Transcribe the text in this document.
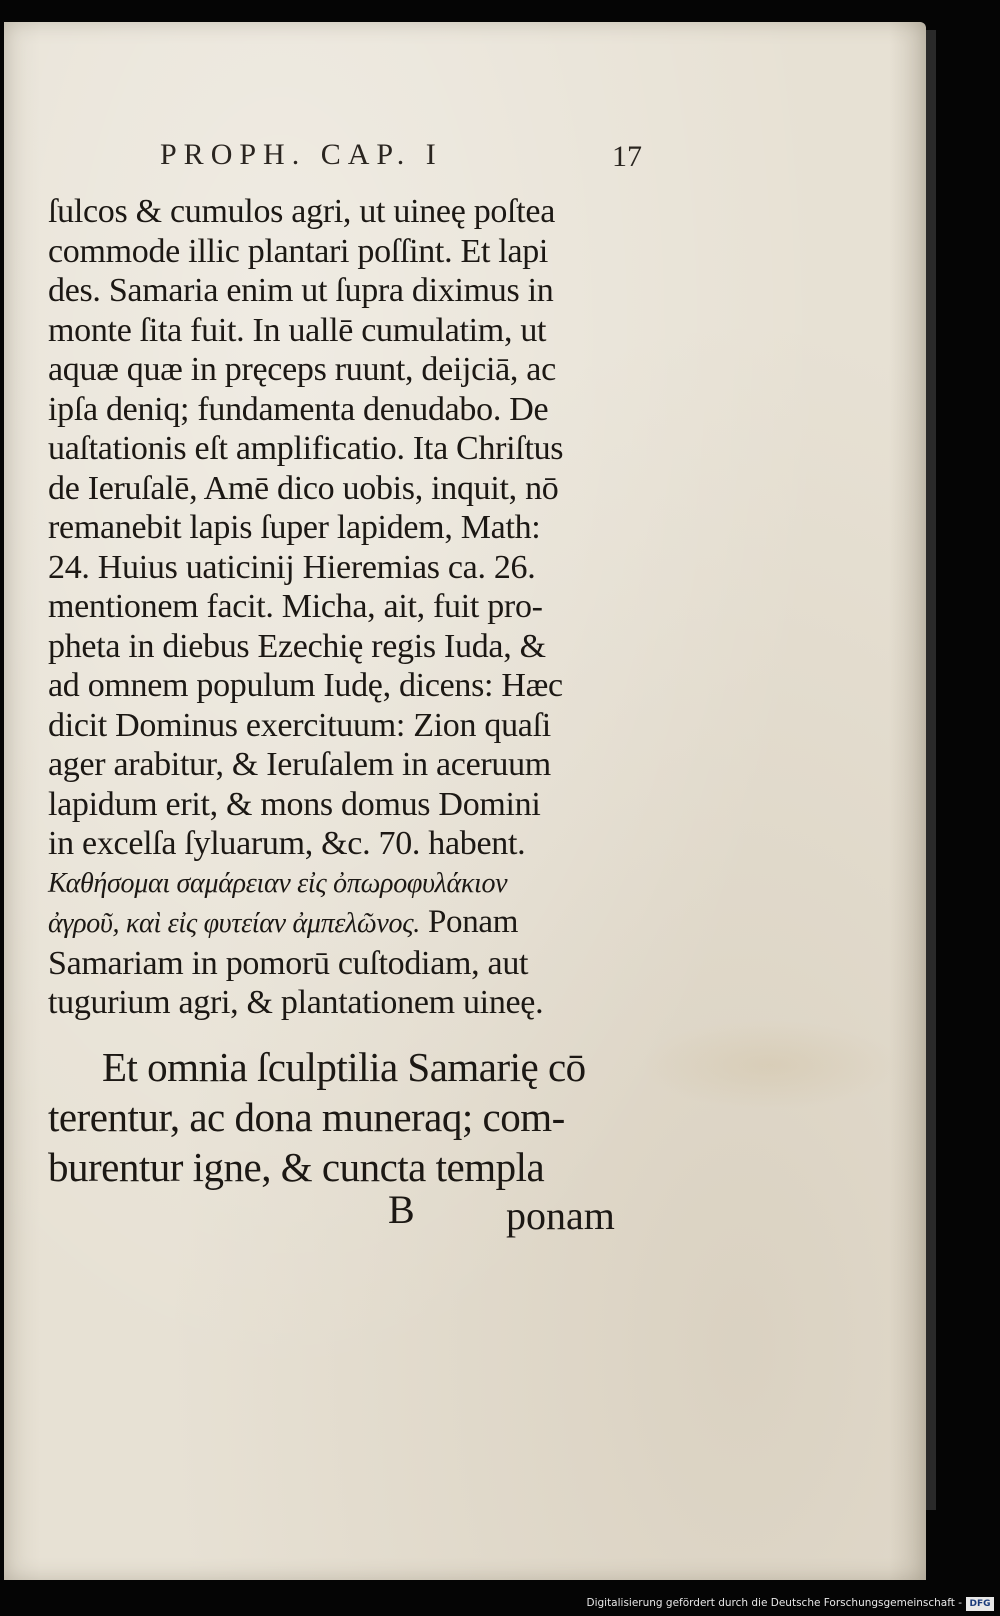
PROPH. CAP. I	17
ſulcos & cumulos agri, ut uineę poſtea
commode illic plantari poſſint. Et lapi
des. Samaria enim ut ſupra diximus in
monte ſita fuit. In uallē cumulatim, ut
aquæ quæ in pręceps ruunt, deijciā, ac
ipſa deniq; fundamenta denudabo. De
uaſtationis eſt amplificatio. Ita Chriſtus
de Ieruſalē, Amē dico uobis, inquit, nō
remanebit lapis ſuper lapidem, Math:
24. Huius uaticinij Hieremias ca. 26.
mentionem facit. Micha, ait, fuit pro-
pheta in diebus Ezechię regis Iuda, &
ad omnem populum Iudę, dicens: Hæc
dicit Dominus exercituum: Zion quaſi
ager arabitur, & Ieruſalem in aceruum
lapidum erit, & mons domus Domini
in excelſa ſyluarum, &c. 70. habent.
Καθήσομαι σαμάρειαν εἰς ὀπωροφυλάκιον
ἀγροῦ, καὶ εἰς φυτείαν ἀμπελῶνος. Ponam
Samariam in pomorū cuſtodiam, aut
tugurium agri, & plantationem uineę.
Et omnia ſculptilia Samarię cō
terentur, ac dona muneraq; com-
burentur igne, & cuncta templa
B ponam
Digitalisierung gefördert durch die Deutsche Forschungsgemeinschaft - DFG
